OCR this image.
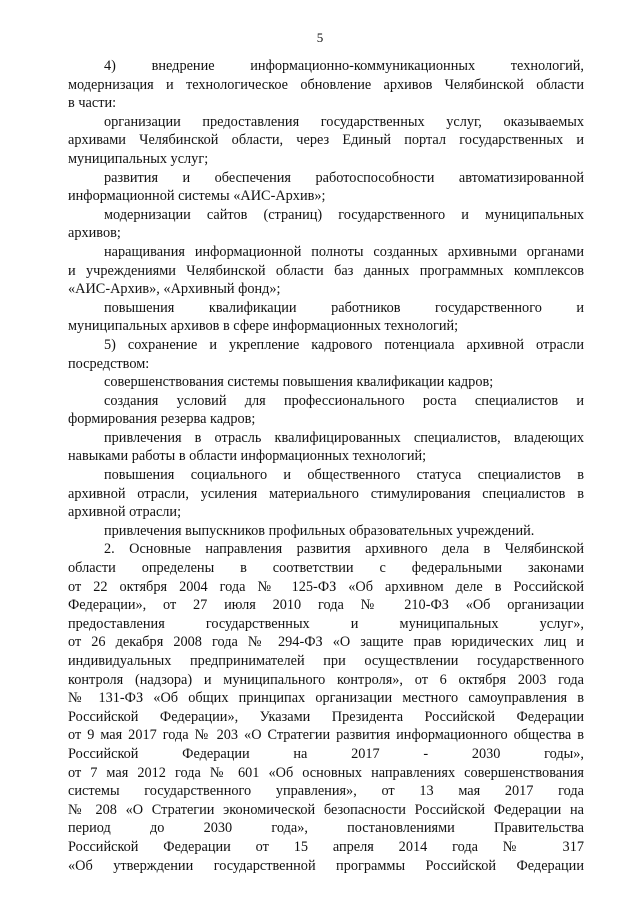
5
4) внедрение информационно-коммуникационных технологий,
модернизация и технологическое обновление архивов Челябинской области
в части:
организации предоставления государственных услуг, оказываемых
архивами Челябинской области, через Единый портал государственных и
муниципальных услуг;
развития и обеспечения работоспособности автоматизированной
информационной системы «АИС-Архив»;
модернизации сайтов (страниц) государственного и муниципальных
архивов;
наращивания информационной полноты созданных архивными органами
и учреждениями Челябинской области баз данных программных комплексов
«АИС-Архив», «Архивный фонд»;
повышения квалификации работников государственного и
муниципальных архивов в сфере информационных технологий;
5) сохранение и укрепление кадрового потенциала архивной отрасли
посредством:
совершенствования системы повышения квалификации кадров;
создания условий для профессионального роста специалистов и
формирования резерва кадров;
привлечения в отрасль квалифицированных специалистов, владеющих
навыками работы в области информационных технологий;
повышения социального и общественного статуса специалистов в
архивной отрасли, усиления материального стимулирования специалистов в
архивной отрасли;
привлечения выпускников профильных образовательных учреждений.
2. Основные направления развития архивного дела в Челябинской
области определены в соответствии с федеральными законами
от 22 октября 2004 года № 125-ФЗ «Об архивном деле в Российской
Федерации», от 27 июля 2010 года № 210-ФЗ «Об организации
предоставления государственных и муниципальных услуг»,
от 26 декабря 2008 года № 294-ФЗ «О защите прав юридических лиц и
индивидуальных предпринимателей при осуществлении государственного
контроля (надзора) и муниципального контроля», от 6 октября 2003 года
№ 131-ФЗ «Об общих принципах организации местного самоуправления в
Российской Федерации», Указами Президента Российской Федерации
от 9 мая 2017 года № 203 «О Стратегии развития информационного общества в
Российской Федерации на 2017 - 2030 годы»,
от 7 мая 2012 года № 601 «Об основных направлениях совершенствования
системы государственного управления», от 13 мая 2017 года
№ 208 «О Стратегии экономической безопасности Российской Федерации на
период до 2030 года», постановлениями Правительства
Российской Федерации от 15 апреля 2014 года № 317
«Об утверждении государственной программы Российской Федерации
